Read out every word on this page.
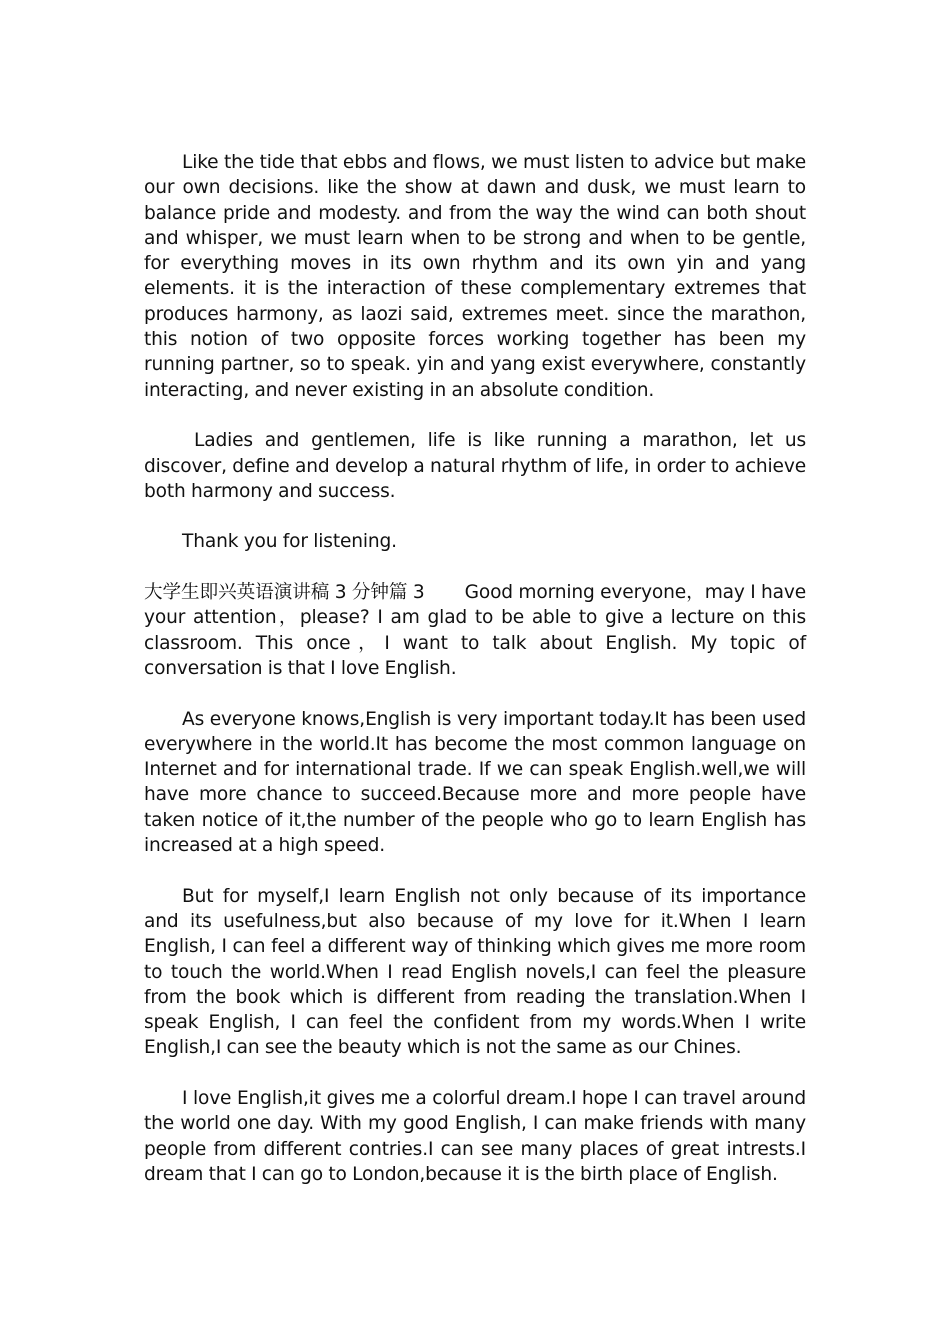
Like the tide that ebbs and flows, we must listen to advice but make our own decisions. like the show at dawn and dusk, we must learn to balance pride and modesty. and from the way the wind can both shout and whisper, we must learn when to be strong and when to be gentle, for everything moves in its own rhythm and its own yin and yang elements. it is the interaction of these complementary extremes that produces harmony, as laozi said, extremes meet. since the marathon, this notion of two opposite forces working together has been my running partner, so to speak. yin and yang exist everywhere, constantly interacting, and never existing in an absolute condition.

Ladies and gentlemen, life is like running a marathon, let us discover, define and develop a natural rhythm of life, in order to achieve both harmony and success.

Thank you for listening.

大学生即兴英语演讲稿 3 分钟篇 3 Good morning everyone，may I have your attention，please? I am glad to be able to give a lecture on this classroom. This once，I want to talk about English. My topic of conversation is that I love English.

As everyone knows,English is very important today.It has been used everywhere in the world.It has become the most common language on Internet and for international trade. If we can speak English.well,we will have more chance to succeed.Because more and more people have taken notice of it,the number of the people who go to learn English has increased at a high speed.

But for myself,I learn English not only because of its importance and its usefulness,but also because of my love for it.When I learn English, I can feel a different way of thinking which gives me more room to touch the world.When I read English novels,I can feel the pleasure from the book which is different from reading the translation.When I speak English, I can feel the confident from my words.When I write English,I can see the beauty which is not the same as our Chines.

I love English,it gives me a colorful dream.I hope I can travel around the world one day. With my good English, I can make friends with many people from different contries.I can see many places of great intrests.I dream that I can go to London,because it is the birth place of English.
